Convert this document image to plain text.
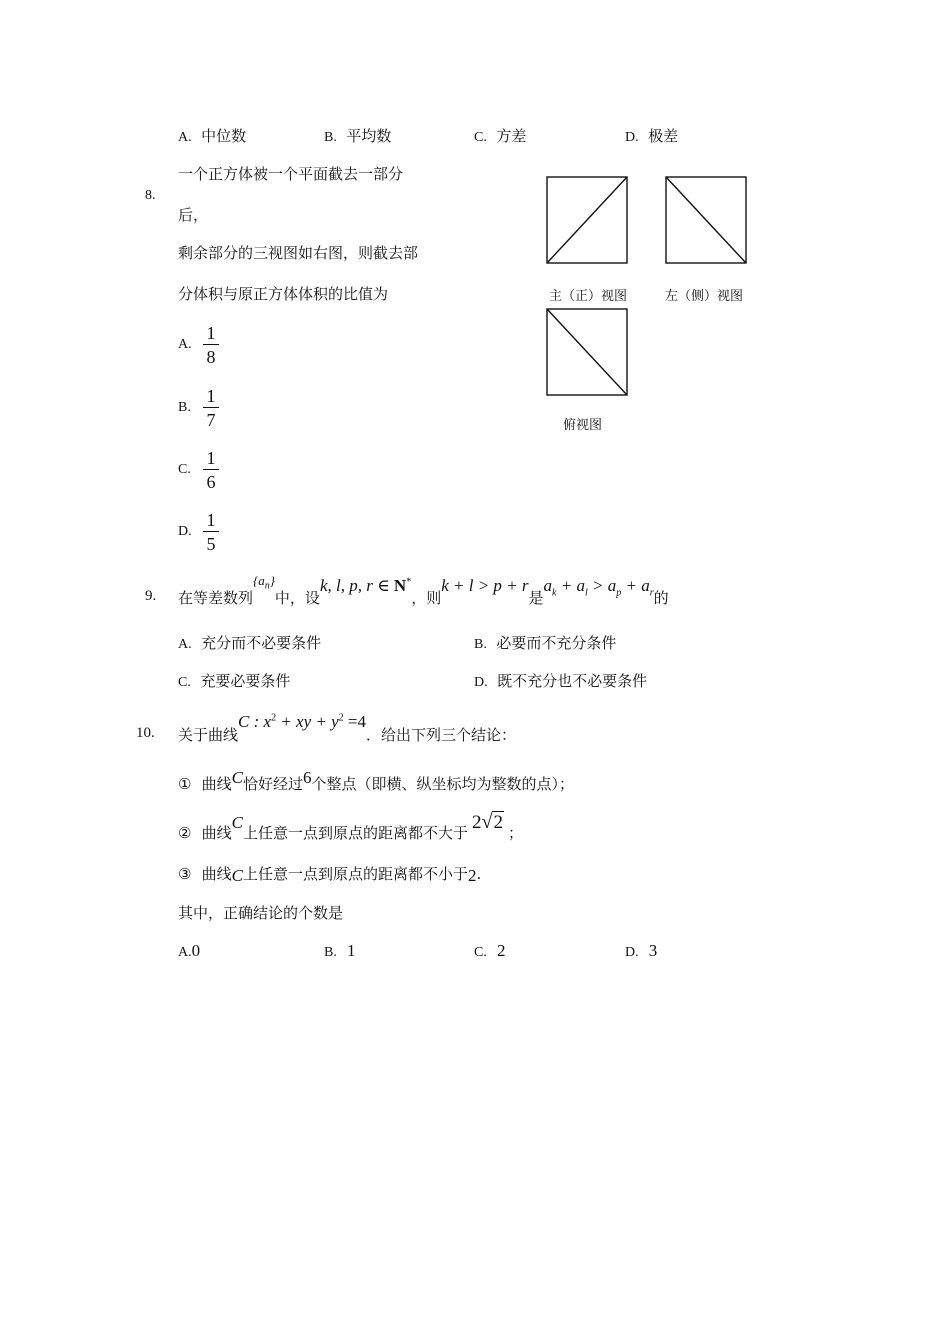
A. 中位数	B. 平均数	C. 方差	D. 极差
8.
一个正方体被一个平面截去一部分
后，
剩余部分的三视图如右图，则截去部
分体积与原正方体体积的比值为
A.
1
8
B.
1
7
C.
1
6
D.
1
5
主（正）视图	左（侧）视图
俯视图
9. 在等差数列$\{a_n\}$中，设k, l, p, r ∈ N*，则k + l > p + r是$a_k + a_l > a_p + a_r$的
A. 充分而不必要条件	B. 必要而不充分条件
C. 充要必要条件	D. 既不充分也不必要条件
10. 关于曲线C : $x^2$ + xy + $y^2 =4$．给出下列三个结论：
① 曲线C恰好经过6个整点（即横、纵坐标均为整数的点）；
② 曲线C上任意一点到原点的距离都不大于 2√2 ；
③ 曲线C上任意一点到原点的距离都不小于2.
其中，正确结论的个数是
A.0	B. 1	C. 2	D. 3
